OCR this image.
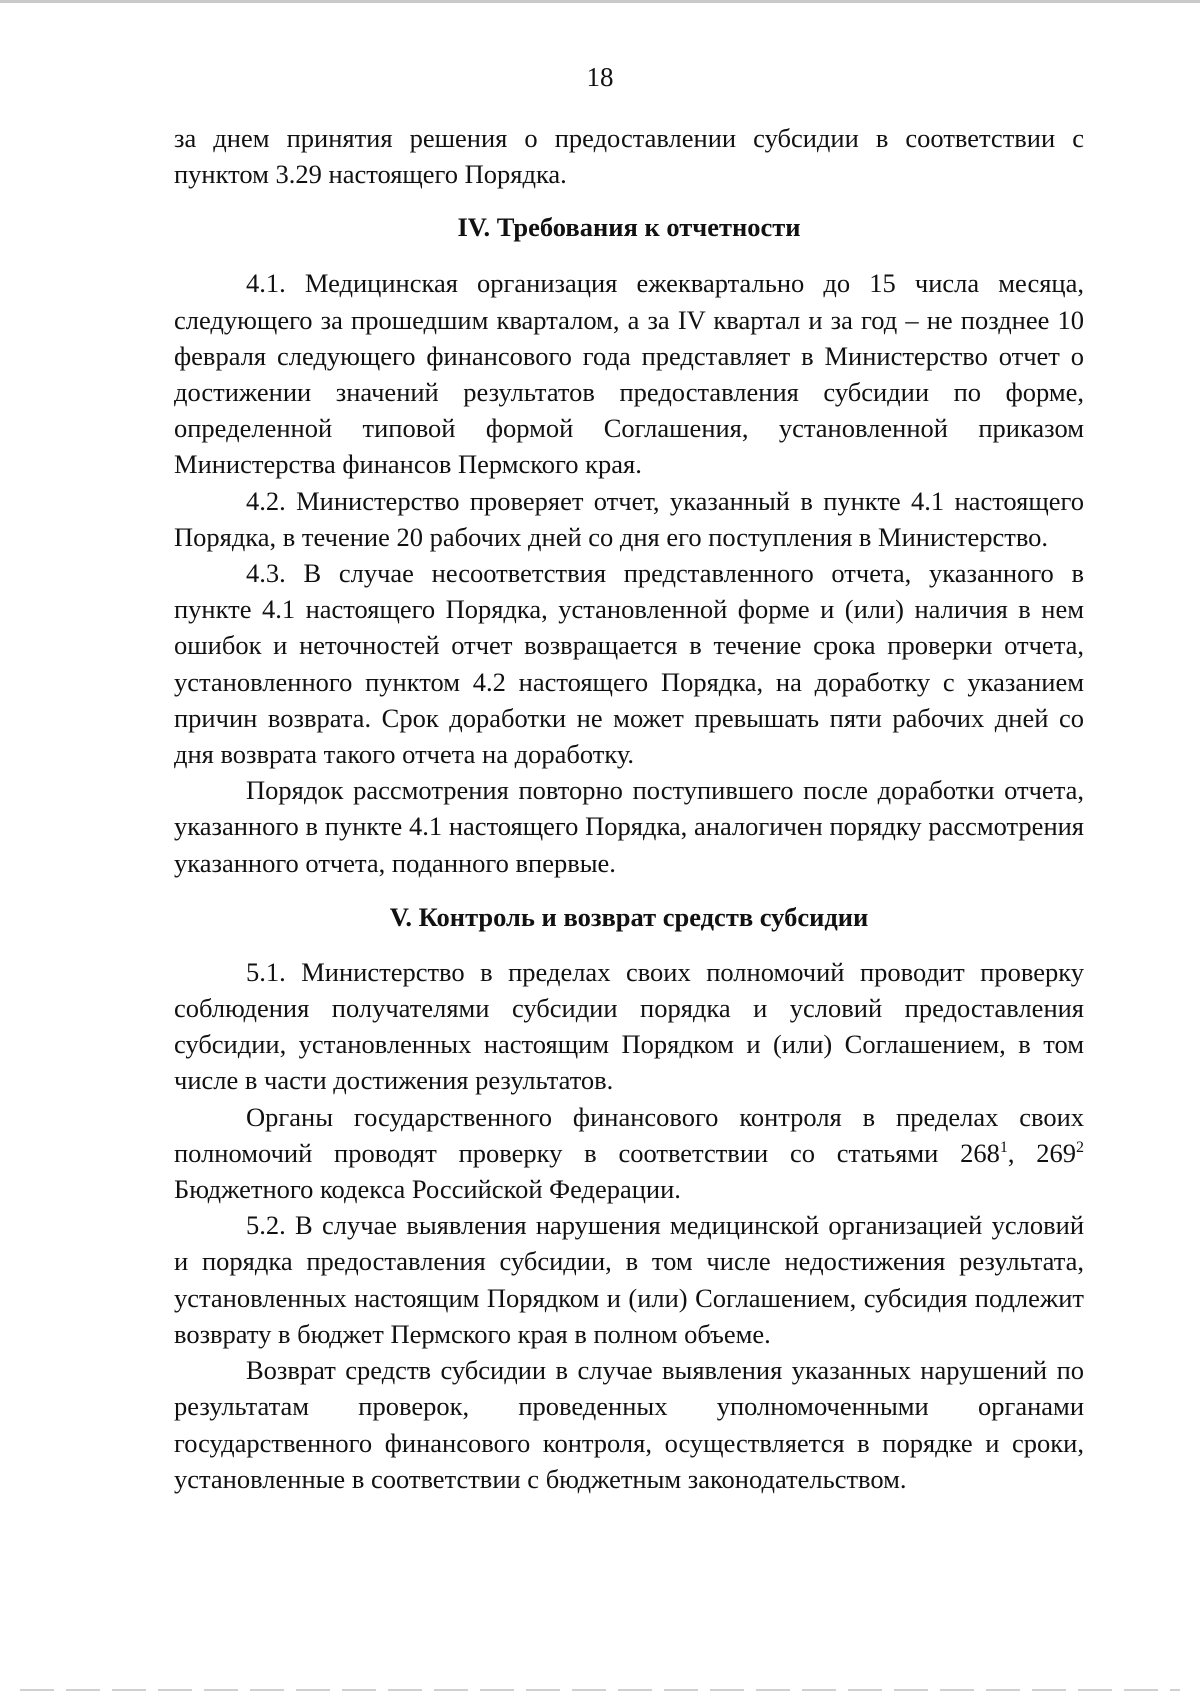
18

за днем принятия решения о предоставлении субсидии в соответствии с пунктом 3.29 настоящего Порядка.

IV. Требования к отчетности

4.1. Медицинская организация ежеквартально до 15 числа месяца, следующего за прошедшим кварталом, а за IV квартал и за год – не позднее 10 февраля следующего финансового года представляет в Министерство отчет о достижении значений результатов предоставления субсидии по форме, определенной типовой формой Соглашения, установленной приказом Министерства финансов Пермского края.

4.2. Министерство проверяет отчет, указанный в пункте 4.1 настоящего Порядка, в течение 20 рабочих дней со дня его поступления в Министерство.

4.3. В случае несоответствия представленного отчета, указанного в пункте 4.1 настоящего Порядка, установленной форме и (или) наличия в нем ошибок и неточностей отчет возвращается в течение срока проверки отчета, установленного пунктом 4.2 настоящего Порядка, на доработку с указанием причин возврата. Срок доработки не может превышать пяти рабочих дней со дня возврата такого отчета на доработку.

Порядок рассмотрения повторно поступившего после доработки отчета, указанного в пункте 4.1 настоящего Порядка, аналогичен порядку рассмотрения указанного отчета, поданного впервые.

V. Контроль и возврат средств субсидии

5.1. Министерство в пределах своих полномочий проводит проверку соблюдения получателями субсидии порядка и условий предоставления субсидии, установленных настоящим Порядком и (или) Соглашением, в том числе в части достижения результатов.

Органы государственного финансового контроля в пределах своих полномочий проводят проверку в соответствии со статьями $268^1$, $269^2$ Бюджетного кодекса Российской Федерации.

5.2. В случае выявления нарушения медицинской организацией условий и порядка предоставления субсидии, в том числе недостижения результата, установленных настоящим Порядком и (или) Соглашением, субсидия подлежит возврату в бюджет Пермского края в полном объеме.

Возврат средств субсидии в случае выявления указанных нарушений по результатам проверок, проведенных уполномоченными органами государственного финансового контроля, осуществляется в порядке и сроки, установленные в соответствии с бюджетным законодательством.
